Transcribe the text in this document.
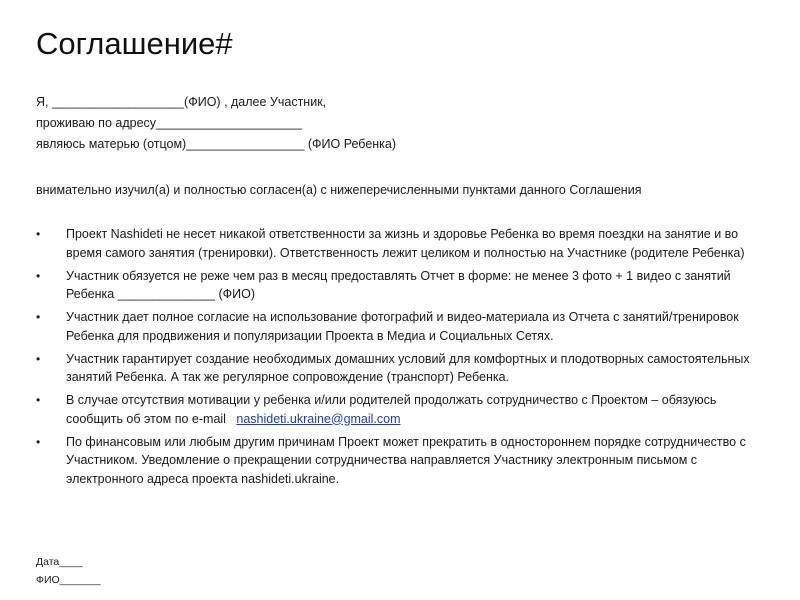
Соглашение#
Я, ___________________(ФИО) , далее Участник,
проживаю по адресу_____________________
являюсь матерью (отцом)_________________ (ФИО Ребенка)
внимательно изучил(а) и полностью согласен(а) с нижеперечисленными пунктами данного Соглашения
• Проект Nashideti не несет никакой ответственности за жизнь и здоровье Ребенка во время поездки на занятие и во время самого занятия (тренировки). Ответственность лежит целиком и полностью на Участнике (родителе Ребенка)
• Участник обязуется не реже чем раз в месяц предоставлять Отчет в форме: не менее 3 фото + 1 видео с занятий Ребенка ______________ (ФИО)
• Участник дает полное согласие на использование фотографий и видео-материала из Отчета с занятий/тренировок Ребенка для продвижения и популяризации Проекта в Медиа и Социальных Сетях.
• Участник гарантирует создание необходимых домашних условий для комфортных и плодотворных самостоятельных занятий Ребенка. А так же регулярное сопровождение (транспорт) Ребенка.
• В случае отсутствия мотивации у ребенка и/или родителей продолжать сотрудничество с Проектом – обязуюсь сообщить об этом по e-mail nashideti.ukraine@gmail.com
• По финансовым или любым другим причинам Проект может прекратить в одностороннем порядке сотрудничество с Участником. Уведомление о прекращении сотрудничества направляется Участнику электронным письмом с электронного адреса проекта nashideti.ukraine.
Дата____
ФИО_______
